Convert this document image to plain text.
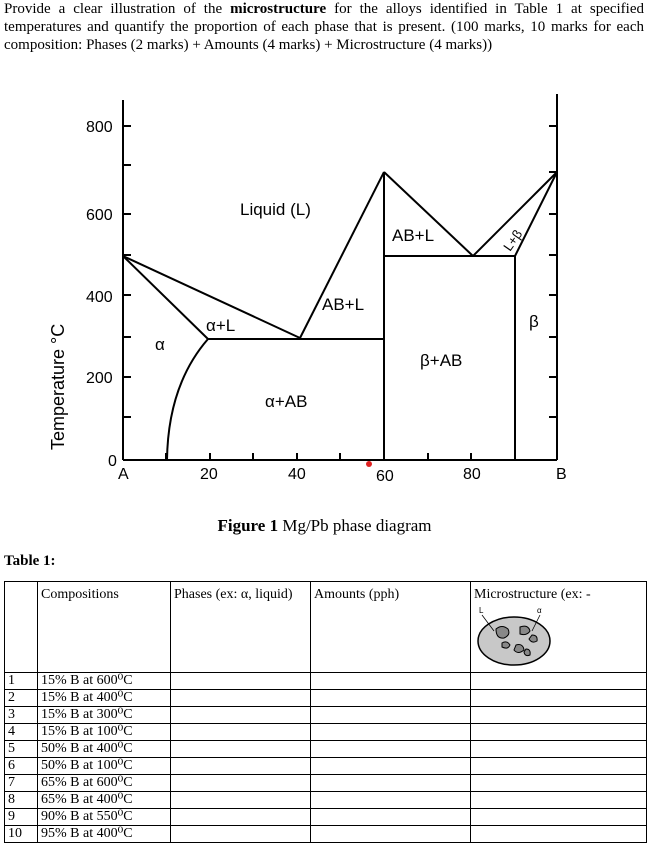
Provide a clear illustration of the microstructure for the alloys identified in Table 1 at specified temperatures and quantify the proportion of each phase that is present. (100 marks, 10 marks for each composition: Phases (2 marks) + Amounts (4 marks) + Microstructure (4 marks))
800
600
400
200
0
A	20	40	60	80	B
Temperature °C
Liquid (L)
α
α+L
AB+L
AB+L
β
β+AB
α+AB
L+β
Figure 1 Mg/Pb phase diagram
Table 1:
	Compositions	Phases (ex: α, liquid)	Amounts (pph)	Microstructure (ex: -
L α

1	15% B at 600⁰C			
2	15% B at 400⁰C			
3	15% B at 300⁰C			
4	15% B at 100⁰C			
5	50% B at 400⁰C			
6	50% B at 100⁰C			
7	65% B at 600⁰C			
8	65% B at 400⁰C			
9	90% B at 550⁰C			
10	95% B at 400⁰C			
